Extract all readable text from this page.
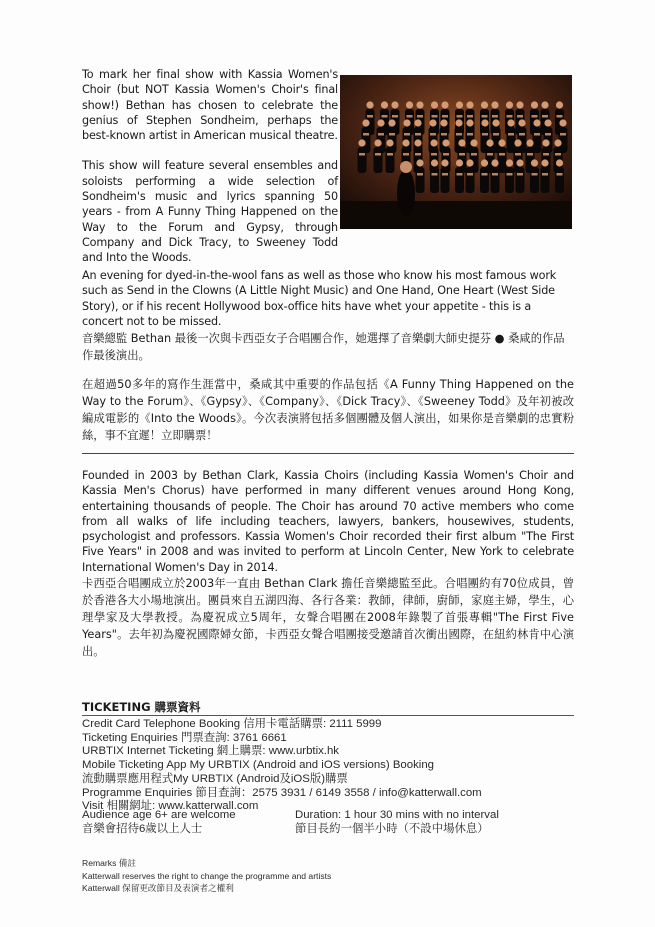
To mark her final show with Kassia Women's Choir (but NOT Kassia Women's Choir's final show!) Bethan has chosen to celebrate the genius of Stephen Sondheim, perhaps the best-known artist in American musical theatre.

This show will feature several ensembles and soloists performing a wide selection of Sondheim's music and lyrics spanning 50 years - from A Funny Thing Happened on the Way to the Forum and Gypsy, through Company and Dick Tracy, to Sweeney Todd and Into the Woods.

An evening for dyed-in-the-wool fans as well as those who know his most famous work such as Send in the Clowns (A Little Night Music) and One Hand, One Heart (West Side Story), or if his recent Hollywood box-office hits have whet your appetite - this is a concert not to be missed.

音樂總監 Bethan 最後一次與卡西亞女子合唱團合作，她選擇了音樂劇大師史提芬 ● 桑咸的作品作最後演出。

在超過50多年的寫作生涯當中，桑咸其中重要的作品包括《A Funny Thing Happened on the Way to the Forum》、《Gypsy》、《Company》、《Dick Tracy》、《Sweeney Todd》及年初被改編成電影的《Into the Woods》。今次表演將包括多個團體及個人演出，如果你是音樂劇的忠實粉絲，事不宜遲！立即購票！

Founded in 2003 by Bethan Clark, Kassia Choirs (including Kassia Women's Choir and Kassia Men's Chorus) have performed in many different venues around Hong Kong, entertaining thousands of people. The Choir has around 70 active members who come from all walks of life including teachers, lawyers, bankers, housewives, students, psychologist and professors. Kassia Women's Choir recorded their first album "The First Five Years" in 2008 and was invited to perform at Lincoln Center, New York to celebrate International Women's Day in 2014.

卡西亞合唱團成立於2003年一直由 Bethan Clark 擔任音樂總監至此。合唱團約有70位成員，曾於香港各大小場地演出。團員來自五湖四海、各行各業：教師，律師，廚師，家庭主婦，學生，心理學家及大學教授。為慶祝成立5周年，女聲合唱團在2008年錄製了首張專輯"The First Five Years"。去年初為慶祝國際婦女節，卡西亞女聲合唱團接受邀請首次衝出國際，在紐約林肯中心演出。

TICKETING 購票資料
Credit Card Telephone Booking 信用卡電話購票: 2111 5999
Ticketing Enquiries 門票查詢: 3761 6661
URBTIX Internet Ticketing 網上購票: www.urbtix.hk
Mobile Ticketing App My URBTIX (Android and iOS versions) Booking
流動購票應用程式My URBTIX (Android及iOS版)購票
Programme Enquiries 節目查詢：2575 3931 / 6149 3558 / info@katterwall.com
Visit 相關網址: www.katterwall.com
Audience age 6+ are welcome
音樂會招待6歲以上人士
Duration: 1 hour 30 mins with no interval
節目長約一個半小時（不設中場休息）
Remarks 備註
Katterwall reserves the right to change the programme and artists
Katterwall 保留更改節目及表演者之權利
